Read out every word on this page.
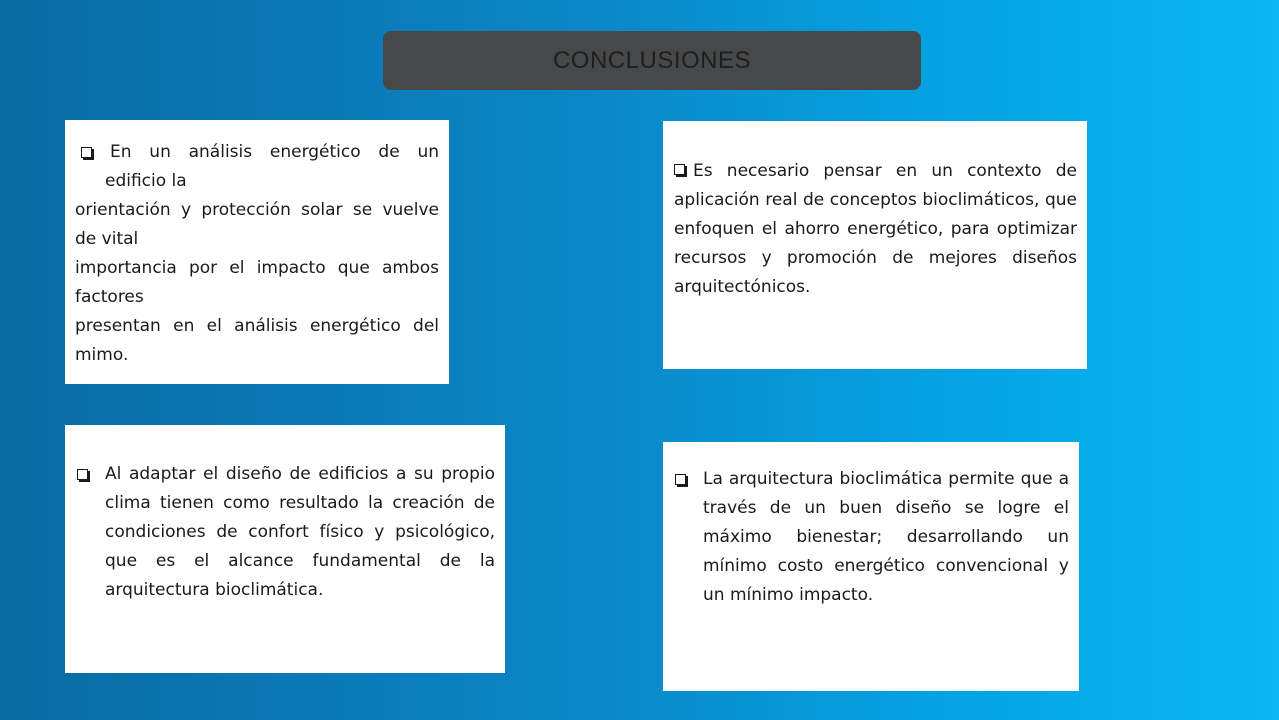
CONCLUSIONES
En un análisis energético de un
edificio la
orientación y protección solar se vuelve de vital
importancia por el impacto que ambos factores
presentan en el análisis energético del mimo.
Es necesario pensar en un contexto de aplicación real de conceptos bioclimáticos, que enfoquen el ahorro energético, para optimizar recursos y promoción de mejores diseños arquitectónicos.
Al adaptar el diseño de edificios a su propio clima tienen como resultado la creación de condiciones de confort físico y psicológico, que es el alcance fundamental de la arquitectura bioclimática.
La arquitectura bioclimática permite que a través de un buen diseño se logre el máximo bienestar; desarrollando un mínimo costo energético convencional y un mínimo impacto.
